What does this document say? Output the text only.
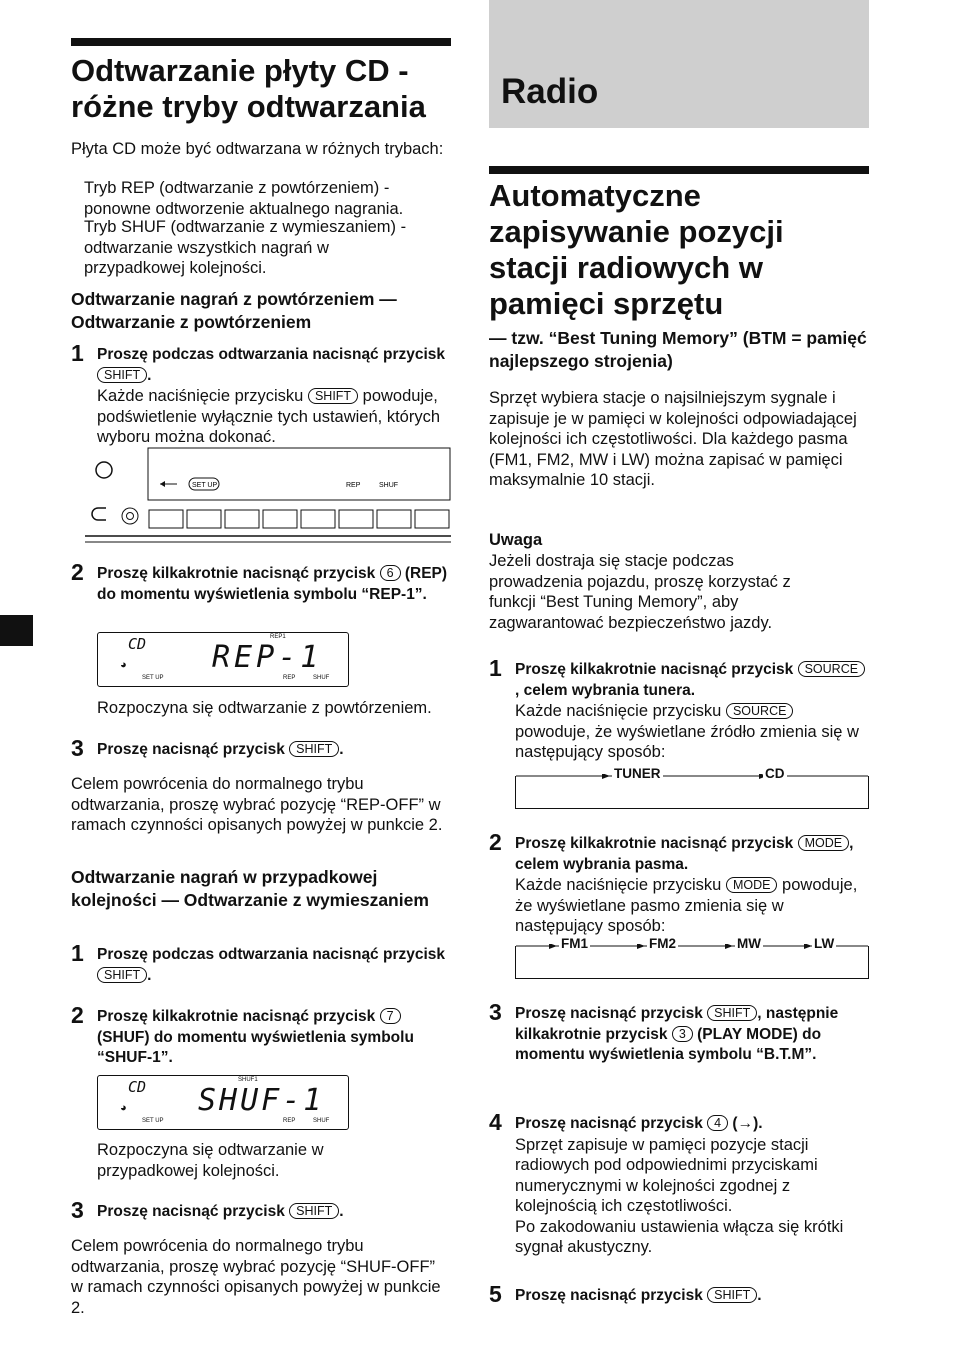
Odtwarzanie płyty CD - różne tryby odtwarzania

Płyta CD może być odtwarzana w różnych trybach:

Tryb REP (odtwarzanie z powtórzeniem) - ponowne odtworzenie aktualnego nagrania.

Tryb SHUF (odtwarzanie z wymieszaniem) - odtwarzanie wszystkich nagrań w przypadkowej kolejności.

Odtwarzanie nagrań z powtórzeniem — Odtwarzanie z powtórzeniem
1 Proszę podczas odtwarzania nacisnąć przycisk SHIFT .

Każde naciśnięcie przycisku SHIFT powoduje, podświetlenie wyłącznie tych ustawień, których wyboru można dokonać.

SET UP	REP	SHUF
2 Proszę kilkakrotnie nacisnąć przycisk 6 (REP) do momentu wyświetlenia symbolu “REP-1”.
CD	REP1
REP-1
◕
SET UP	REP	SHUF

Rozpoczyna się odtwarzanie z powtórzeniem.

3 Proszę nacisnąć przycisk SHIFT .

Celem powrócenia do normalnego trybu odtwarzania, proszę wybrać pozycję “REP-OFF” w ramach czynności opisanych powyżej w punkcie 2.

Odtwarzanie nagrań w przypadkowej kolejności — Odtwarzanie z wymieszaniem
1 Proszę podczas odtwarzania nacisnąć przycisk SHIFT .
2 Proszę kilkakrotnie nacisnąć przycisk 7 (SHUF) do momentu wyświetlenia symbolu “SHUF-1”.
CD	SHUF1
SHUF-1
◕
SET UP	REP	SHUF

Rozpoczyna się odtwarzanie w przypadkowej kolejności.

3 Proszę nacisnąć przycisk SHIFT .

Celem powrócenia do normalnego trybu odtwarzania, proszę wybrać pozycję “SHUF-OFF” w ramach czynności opisanych powyżej w punkcie 2.

Radio
Automatyczne zapisywanie pozycji stacji radiowych w pamięci sprzętu
— tzw. “Best Tuning Memory” (BTM = pamięć najlepszego strojenia)

Sprzęt wybiera stacje o najsilniejszym sygnale i zapisuje je w pamięci w kolejności odpowiadającej kolejności ich częstotliwości. Dla każdego pasma (FM1, FM2, MW i LW) można zapisać w pamięci maksymalnie 10 stacji.

Uwaga

Jeżeli dostraja się stacje podczas prowadzenia pojazdu, proszę korzystać z funkcji “Best Tuning Memory”, aby zagwarantować bezpieczeństwo jazdy.

1 Proszę kilkakrotnie nacisnąć przycisk SOURCE, celem wybrania tunera.

Każde naciśnięcie przycisku SOURCE powoduje, że wyświetlane źródło zmienia się w następujący sposób:

TUNER	CD
2 Proszę kilkakrotnie nacisnąć przycisk MODE , celem wybrania pasma.

Każde naciśnięcie przycisku MODE powoduje, że wyświetlane pasmo zmienia się w następujący sposób:

FM1	FM2	MW	LW
3 Proszę nacisnąć przycisk SHIFT , następnie kilkakrotnie przycisk 3 (PLAY MODE) do momentu wyświetlenia symbolu “B.T.M”.
4 Proszę nacisnąć przycisk 4 (→).

Sprzęt zapisuje w pamięci pozycje stacji radiowych pod odpowiednimi przyciskami numerycznymi w kolejności zgodnej z kolejnością ich częstotliwości.

Po zakodowaniu ustawienia włącza się krótki sygnał akustyczny.

5 Proszę nacisnąć przycisk SHIFT .
